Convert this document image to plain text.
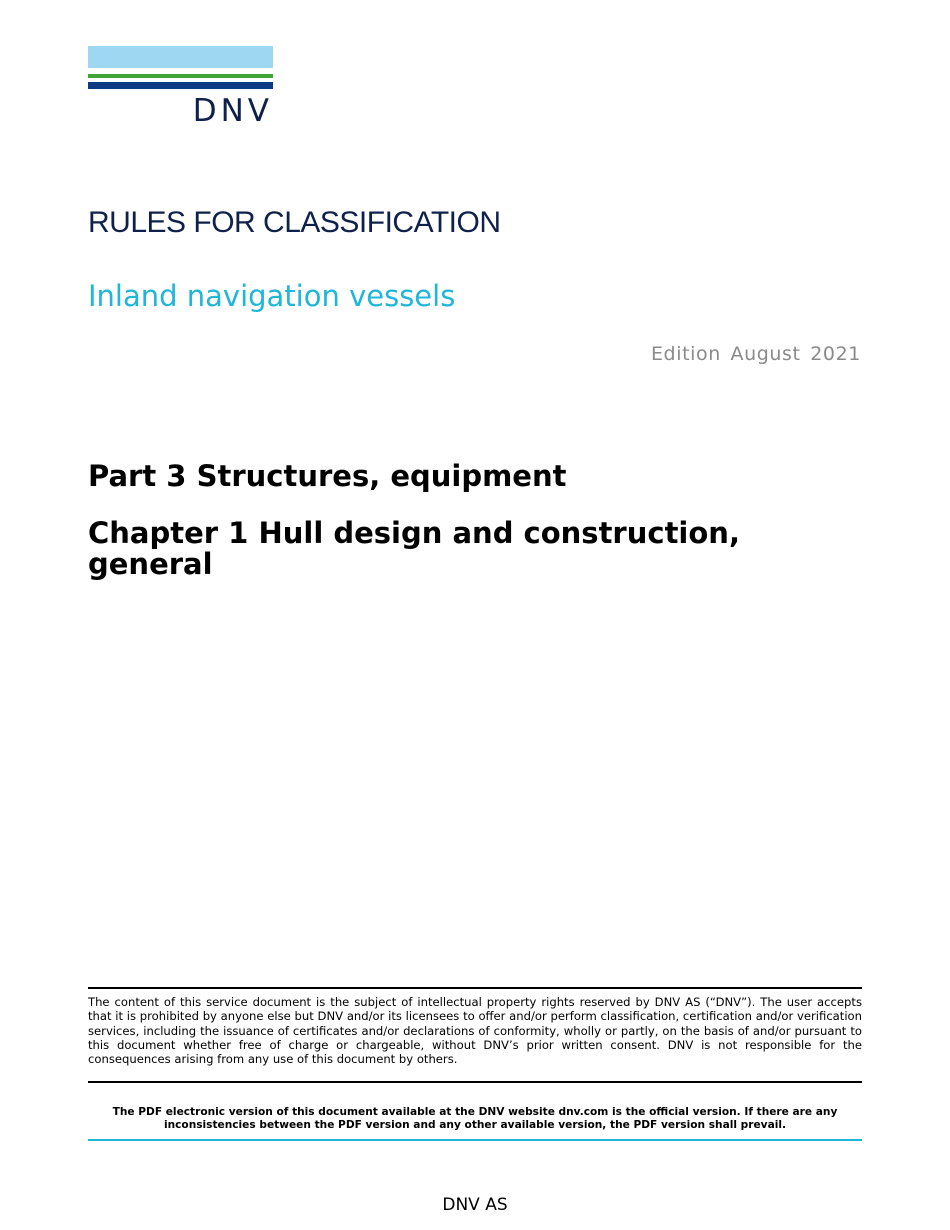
DNV
RULES FOR CLASSIFICATION
Inland navigation vessels
Edition August 2021
Part 3 Structures, equipment
Chapter 1 Hull design and construction, general
The content of this service document is the subject of intellectual property rights reserved by DNV AS (“DNV”). The user accepts that it is prohibited by anyone else but DNV and/or its licensees to offer and/or perform classification, certification and/or verification services, including the issuance of certificates and/or declarations of conformity, wholly or partly, on the basis of and/or pursuant to this document whether free of charge or chargeable, without DNV’s prior written consent. DNV is not responsible for the consequences arising from any use of this document by others.
The PDF electronic version of this document available at the DNV website dnv.com is the official version. If there are any inconsistencies between the PDF version and any other available version, the PDF version shall prevail.
DNV AS
